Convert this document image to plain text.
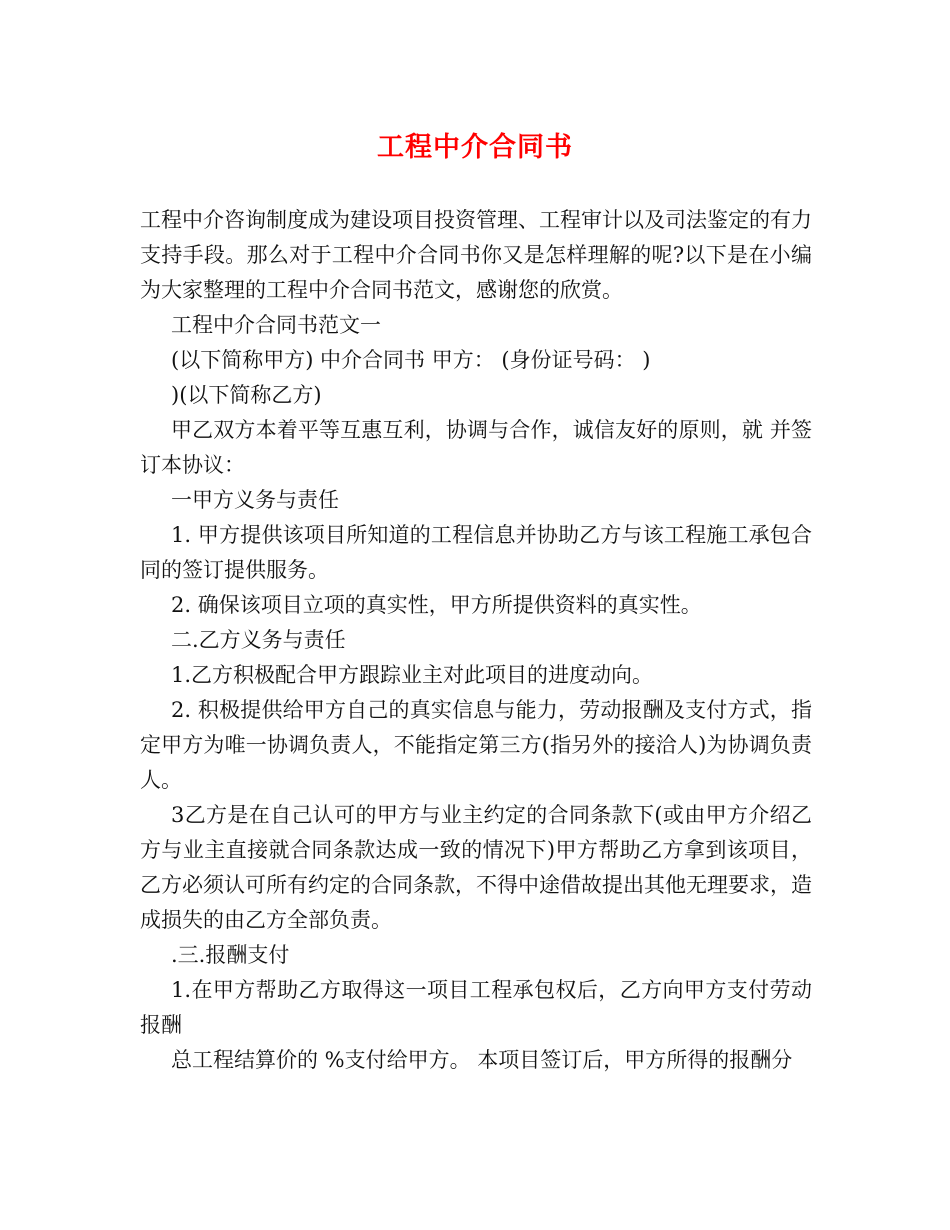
工程中介合同书

工程中介咨询制度成为建设项目投资管理、工程审计以及司法鉴定的有力支持手段。那么对于工程中介合同书你又是怎样理解的呢?以下是在小编为大家整理的工程中介合同书范文，感谢您的欣赏。

工程中介合同书范文一

(以下简称甲方) 中介合同书 甲方： (身份证号码： )

)(以下简称乙方)

甲乙双方本着平等互惠互利，协调与合作，诚信友好的原则，就 并签订本协议：

一甲方义务与责任

1. 甲方提供该项目所知道的工程信息并协助乙方与该工程施工承包合同的签订提供服务。

2. 确保该项目立项的真实性，甲方所提供资料的真实性。

二.乙方义务与责任

1.乙方积极配合甲方跟踪业主对此项目的进度动向。

2. 积极提供给甲方自己的真实信息与能力，劳动报酬及支付方式，指定甲方为唯一协调负责人，不能指定第三方(指另外的接洽人)为协调负责人。

3乙方是在自己认可的甲方与业主约定的合同条款下(或由甲方介绍乙方与业主直接就合同条款达成一致的情况下)甲方帮助乙方拿到该项目，乙方必须认可所有约定的合同条款，不得中途借故提出其他无理要求，造成损失的由乙方全部负责。

.三.报酬支付

1.在甲方帮助乙方取得这一项目工程承包权后，乙方向甲方支付劳动报酬

总工程结算价的 %支付给甲方。 本项目签订后，甲方所得的报酬分
